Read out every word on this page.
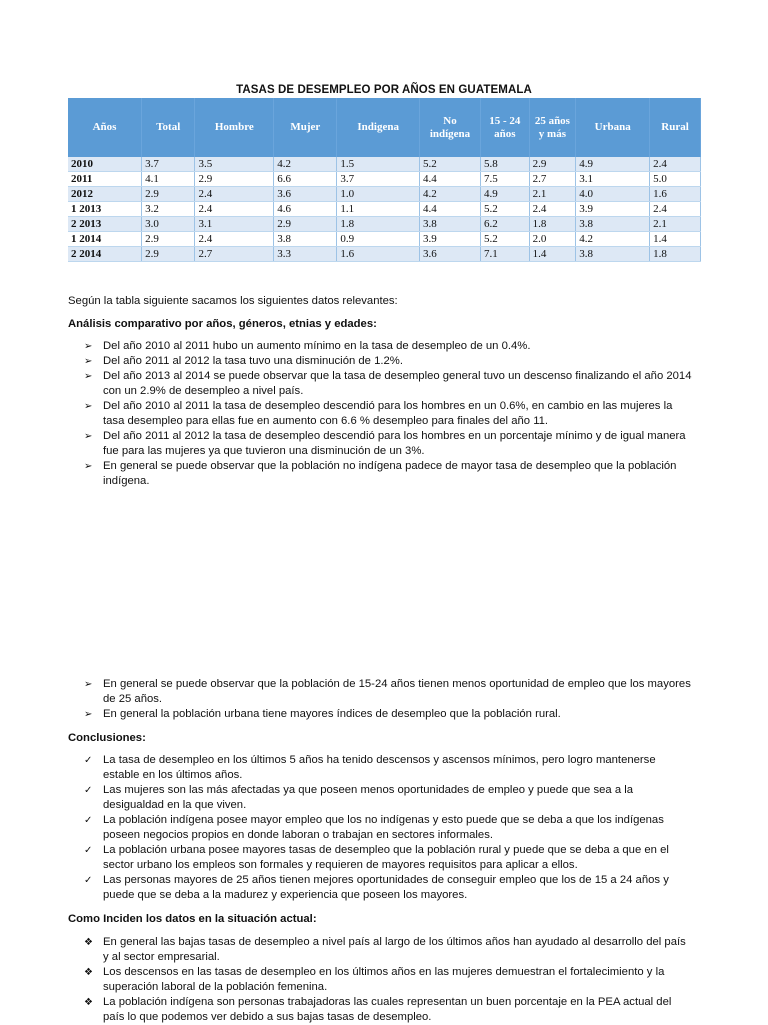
TASAS DE DESEMPLEO POR AÑOS EN GUATEMALA
Años	Total	Hombre	Mujer	Indigena	No indígena	15 - 24 años	25 años y más	Urbana	Rural
2010	3.7	3.5	4.2	1.5	5.2	5.8	2.9	4.9	2.4
2011	4.1	2.9	6.6	3.7	4.4	7.5	2.7	3.1	5.0
2012	2.9	2.4	3.6	1.0	4.2	4.9	2.1	4.0	1.6
1 2013	3.2	2.4	4.6	1.1	4.4	5.2	2.4	3.9	2.4
2 2013	3.0	3.1	2.9	1.8	3.8	6.2	1.8	3.8	2.1
1 2014	2.9	2.4	3.8	0.9	3.9	5.2	2.0	4.2	1.4
2 2014	2.9	2.7	3.3	1.6	3.6	7.1	1.4	3.8	1.8
Según la tabla siguiente sacamos los siguientes datos relevantes:
Análisis comparativo por años, géneros, etnias y edades:
➢ Del año 2010 al 2011 hubo un aumento mínimo en la tasa de desempleo de un 0.4%.
➢ Del año 2011 al 2012 la tasa tuvo una disminución de 1.2%.
➢ Del año 2013 al 2014 se puede observar que la tasa de desempleo general tuvo un descenso finalizando el año 2014 con un 2.9% de desempleo a nivel país.
➢ Del año 2010 al 2011 la tasa de desempleo descendió para los hombres en un 0.6%, en cambio en las mujeres la tasa desempleo para ellas fue en aumento con 6.6 % desempleo para finales del año 11.
➢ Del año 2011 al 2012 la tasa de desempleo descendió para los hombres en un porcentaje mínimo y de igual manera fue para las mujeres ya que tuvieron una disminución de un 3%.
➢ En general se puede observar que la población no indígena padece de mayor tasa de desempleo que la población indígena.
➢ En general se puede observar que la población de 15-24 años tienen menos oportunidad de empleo que los mayores de 25 años.
➢ En general la población urbana tiene mayores índices de desempleo que la población rural.
Conclusiones:
✓ La tasa de desempleo en los últimos 5 años ha tenido descensos y ascensos mínimos, pero logro mantenerse estable en los últimos años.
✓ Las mujeres son las más afectadas ya que poseen menos oportunidades de empleo y puede que sea a la desigualdad en la que viven.
✓ La población indígena posee mayor empleo que los no indígenas y esto puede que se deba a que los indígenas poseen negocios propios en donde laboran o trabajan en sectores informales.
✓ La población urbana posee mayores tasas de desempleo que la población rural y puede que se deba a que en el sector urbano los empleos son formales y requieren de mayores requisitos para aplicar a ellos.
✓ Las personas mayores de 25 años tienen mejores oportunidades de conseguir empleo que los de 15 a 24 años y puede que se deba a la madurez y experiencia que poseen los mayores.
Como Inciden los datos en la situación actual:
❖ En general las bajas tasas de desempleo a nivel país al largo de los últimos años han ayudado al desarrollo del país y al sector empresarial.
❖ Los descensos en las tasas de desempleo en los últimos años en las mujeres demuestran el fortalecimiento y la superación laboral de la población femenina.
❖ La población indígena son personas trabajadoras las cuales representan un buen porcentaje en la PEA actual del país lo que podemos ver debido a sus bajas tasas de desempleo.
